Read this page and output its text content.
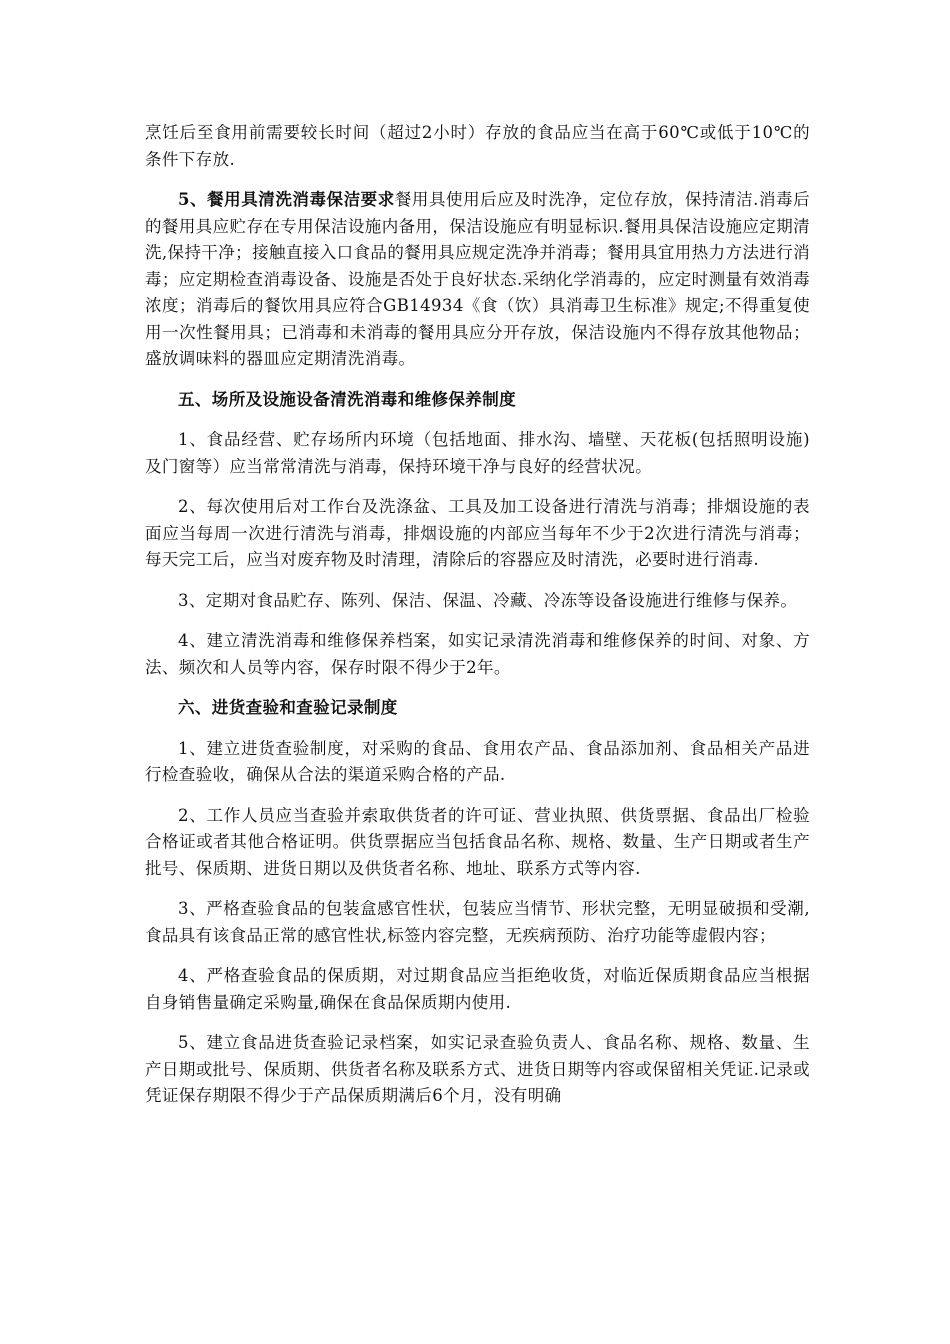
烹饪后至食用前需要较长时间（超过2小时）存放的食品应当在高于60℃或低于10℃的条件下存放.

5、餐用具清洗消毒保洁要求餐用具使用后应及时洗净，定位存放，保持清洁.消毒后的餐用具应贮存在专用保洁设施内备用，保洁设施应有明显标识.餐用具保洁设施应定期清洗,保持干净；接触直接入口食品的餐用具应规定洗净并消毒；餐用具宜用热力方法进行消毒；应定期检查消毒设备、设施是否处于良好状态.采纳化学消毒的，应定时测量有效消毒浓度；消毒后的餐饮用具应符合GB14934《食（饮）具消毒卫生标准》规定;不得重复使用一次性餐用具；已消毒和未消毒的餐用具应分开存放，保洁设施内不得存放其他物品；盛放调味料的器皿应定期清洗消毒。

五、场所及设施设备清洗消毒和维修保养制度

1、食品经营、贮存场所内环境（包括地面、排水沟、墙壁、天花板(包括照明设施)及门窗等）应当常常清洗与消毒，保持环境干净与良好的经营状况。

2、每次使用后对工作台及洗涤盆、工具及加工设备进行清洗与消毒；排烟设施的表面应当每周一次进行清洗与消毒，排烟设施的内部应当每年不少于2次进行清洗与消毒；每天完工后，应当对废弃物及时清理，清除后的容器应及时清洗，必要时进行消毒.

3、定期对食品贮存、陈列、保洁、保温、冷藏、冷冻等设备设施进行维修与保养。

4、建立清洗消毒和维修保养档案，如实记录清洗消毒和维修保养的时间、对象、方法、频次和人员等内容，保存时限不得少于2年。

六、进货查验和查验记录制度

1、建立进货查验制度，对采购的食品、食用农产品、食品添加剂、食品相关产品进行检查验收，确保从合法的渠道采购合格的产品.

2、工作人员应当查验并索取供货者的许可证、营业执照、供货票据、食品出厂检验合格证或者其他合格证明。供货票据应当包括食品名称、规格、数量、生产日期或者生产批号、保质期、进货日期以及供货者名称、地址、联系方式等内容.

3、严格查验食品的包装盒感官性状，包装应当情节、形状完整，无明显破损和受潮,食品具有该食品正常的感官性状,标签内容完整，无疾病预防、治疗功能等虚假内容；

4、严格查验食品的保质期，对过期食品应当拒绝收货，对临近保质期食品应当根据自身销售量确定采购量,确保在食品保质期内使用.

5、建立食品进货查验记录档案，如实记录查验负责人、食品名称、规格、数量、生产日期或批号、保质期、供货者名称及联系方式、进货日期等内容或保留相关凭证.记录或凭证保存期限不得少于产品保质期满后6个月，没有明确
